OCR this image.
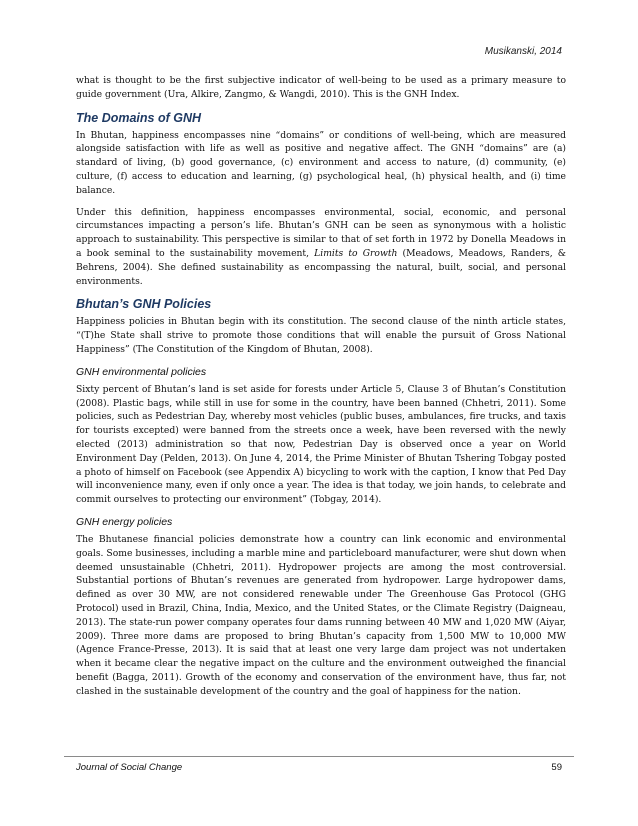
Musikanski, 2014

what is thought to be the first subjective indicator of well-being to be used as a primary measure to guide government (Ura, Alkire, Zangmo, & Wangdi, 2010). This is the GNH Index.

The Domains of GNH

In Bhutan, happiness encompasses nine “domains” or conditions of well-being, which are measured alongside satisfaction with life as well as positive and negative affect. The GNH “domains” are (a) standard of living, (b) good governance, (c) environment and access to nature, (d) community, (e) culture, (f) access to education and learning, (g) psychological heal, (h) physical health, and (i) time balance.

Under this definition, happiness encompasses environmental, social, economic, and personal circumstances impacting a person’s life. Bhutan’s GNH can be seen as synonymous with a holistic approach to sustainability. This perspective is similar to that of set forth in 1972 by Donella Meadows in a book seminal to the sustainability movement, Limits to Growth (Meadows, Meadows, Randers, & Behrens, 2004). She defined sustainability as encompassing the natural, built, social, and personal environments.

Bhutan’s GNH Policies

Happiness policies in Bhutan begin with its constitution. The second clause of the ninth article states, “(T)he State shall strive to promote those conditions that will enable the pursuit of Gross National Happiness” (The Constitution of the Kingdom of Bhutan, 2008).

GNH environmental policies

Sixty percent of Bhutan’s land is set aside for forests under Article 5, Clause 3 of Bhutan’s Constitution (2008). Plastic bags, while still in use for some in the country, have been banned (Chhetri, 2011). Some policies, such as Pedestrian Day, whereby most vehicles (public buses, ambulances, fire trucks, and taxis for tourists excepted) were banned from the streets once a week, have been reversed with the newly elected (2013) administration so that now, Pedestrian Day is observed once a year on World Environment Day (Pelden, 2013). On June 4, 2014, the Prime Minister of Bhutan Tshering Tobgay posted a photo of himself on Facebook (see Appendix A) bicycling to work with the caption, I know that Ped Day will inconvenience many, even if only once a year. The idea is that today, we join hands, to celebrate and commit ourselves to protecting our environment” (Tobgay, 2014).

GNH energy policies

The Bhutanese financial policies demonstrate how a country can link economic and environmental goals. Some businesses, including a marble mine and particleboard manufacturer, were shut down when deemed unsustainable (Chhetri, 2011). Hydropower projects are among the most controversial. Substantial portions of Bhutan’s revenues are generated from hydropower. Large hydropower dams, defined as over 30 MW, are not considered renewable under The Greenhouse Gas Protocol (GHG Protocol) used in Brazil, China, India, Mexico, and the United States, or the Climate Registry (Daigneau, 2013). The state-run power company operates four dams running between 40 MW and 1,020 MW (Aiyar, 2009). Three more dams are proposed to bring Bhutan’s capacity from 1,500 MW to 10,000 MW (Agence France-Presse, 2013). It is said that at least one very large dam project was not undertaken when it became clear the negative impact on the culture and the environment outweighed the financial benefit (Bagga, 2011). Growth of the economy and conservation of the environment have, thus far, not clashed in the sustainable development of the country and the goal of happiness for the nation.

Journal of Social Change	59
